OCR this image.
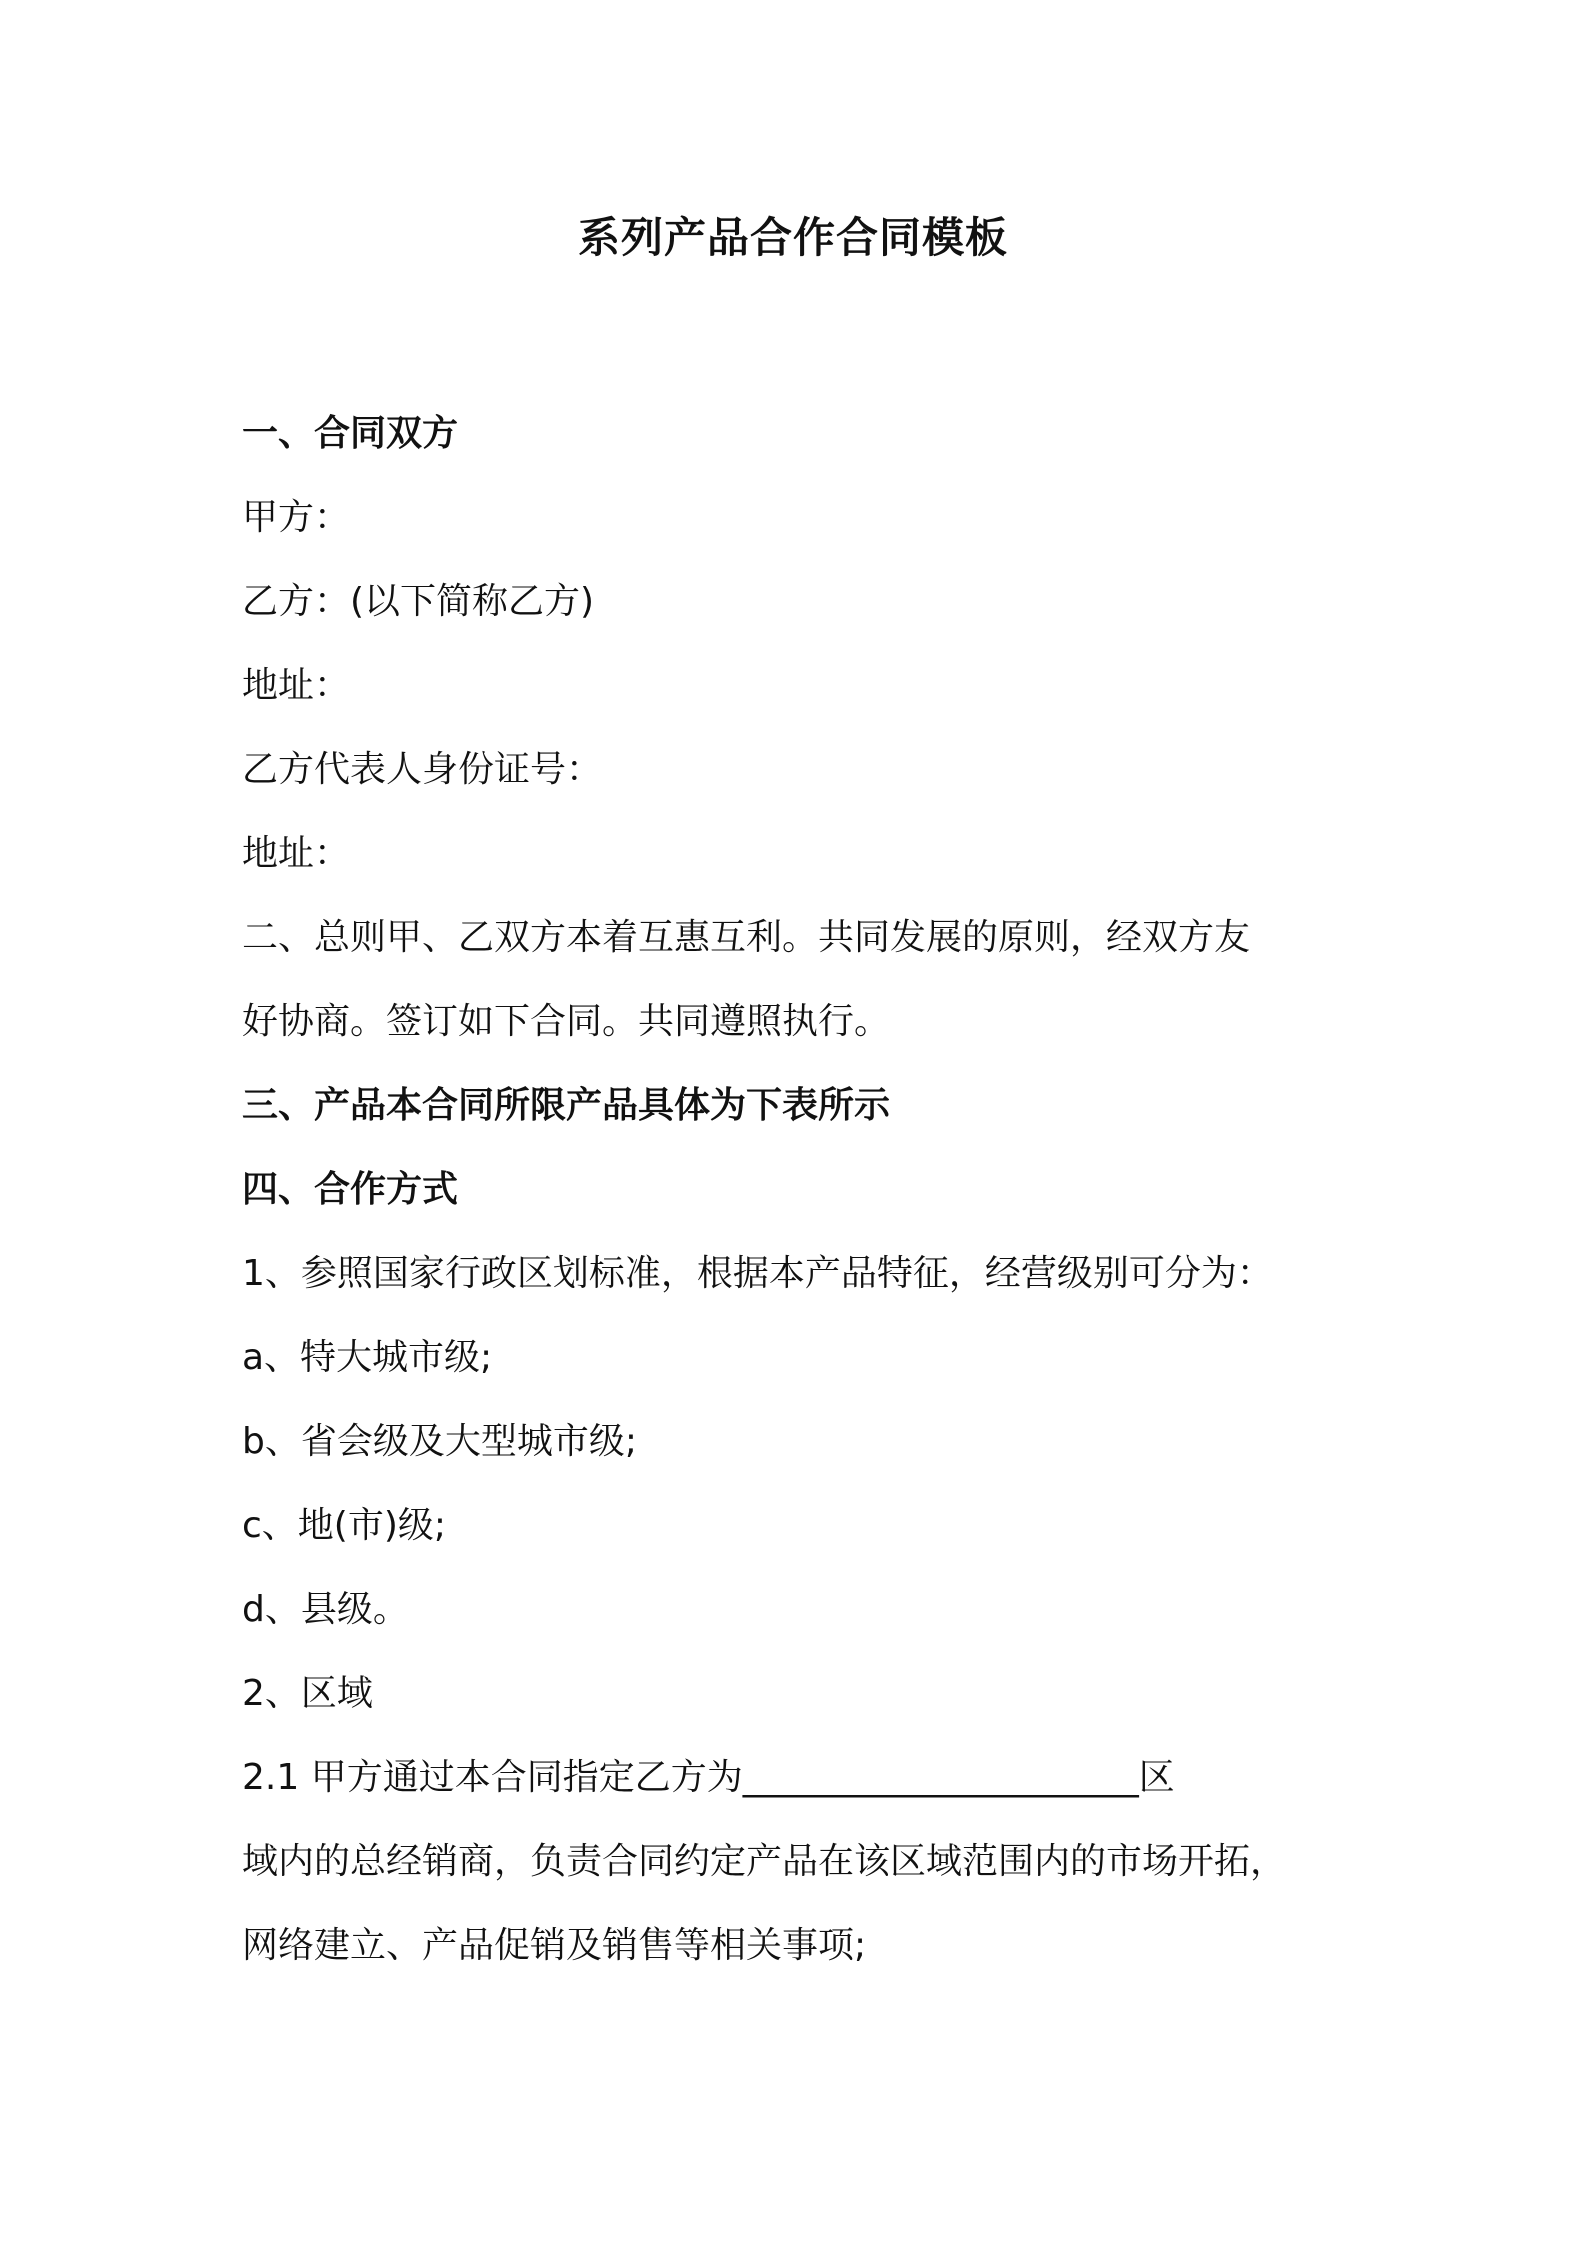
系列产品合作合同模板
一、合同双方
甲方：
乙方：(以下简称乙方)
地址：
乙方代表人身份证号：
地址：
二、总则甲、乙双方本着互惠互利。共同发展的原则，经双方友
好协商。签订如下合同。共同遵照执行。
三、产品本合同所限产品具体为下表所示
四、合作方式
1、参照国家行政区划标准，根据本产品特征，经营级别可分为：
a、特大城市级;
b、省会级及大型城市级;
c、地(市)级;
d、县级。
2、区域
2.1 甲方通过本合同指定乙方为______________________区
域内的总经销商，负责合同约定产品在该区域范围内的市场开拓，
网络建立、产品促销及销售等相关事项;
